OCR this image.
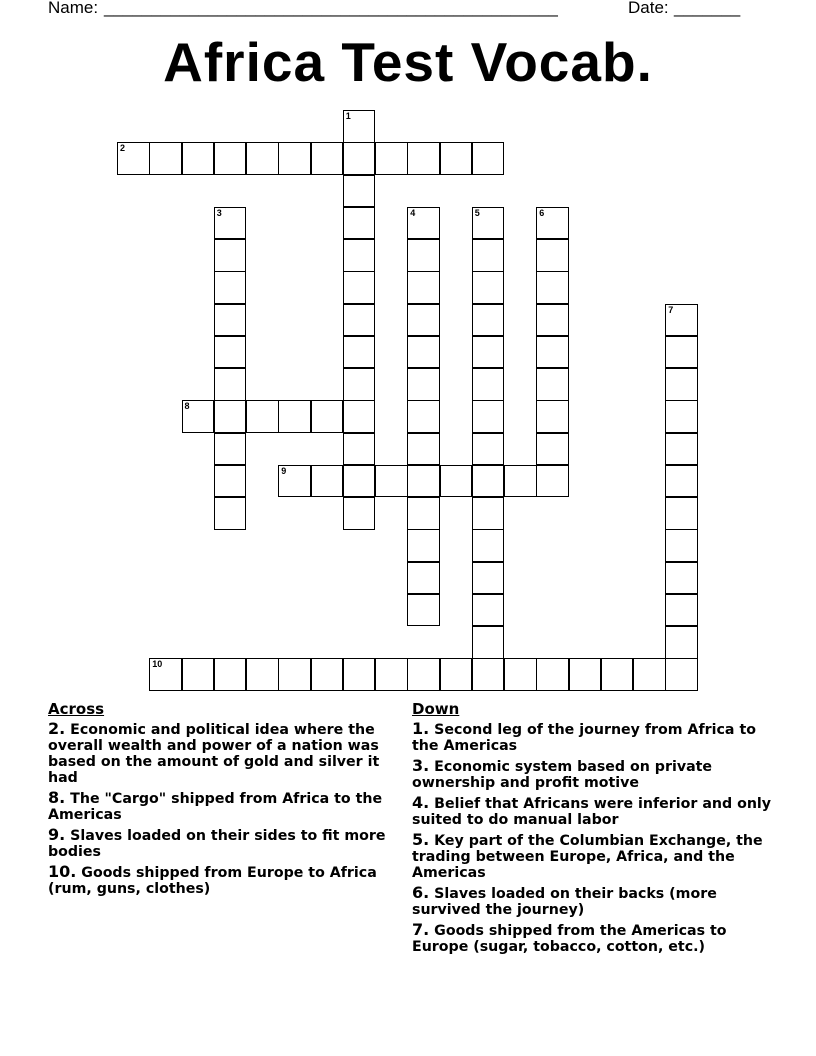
Name: ________________________________________________	Date: _______
Africa Test Vocab.
1
2
3	4	5	6
7
8
9
10
Across
2. Economic and political idea where the overall wealth and power of a nation was based on the amount of gold and silver it had
8. The "Cargo" shipped from Africa to the Americas
9. Slaves loaded on their sides to fit more bodies
10. Goods shipped from Europe to Africa (rum, guns, clothes)
Down
1. Second leg of the journey from Africa to the Americas
3. Economic system based on private ownership and profit motive
4. Belief that Africans were inferior and only suited to do manual labor
5. Key part of the Columbian Exchange, the trading between Europe, Africa, and the Americas
6. Slaves loaded on their backs (more survived the journey)
7. Goods shipped from the Americas to Europe (sugar, tobacco, cotton, etc.)
